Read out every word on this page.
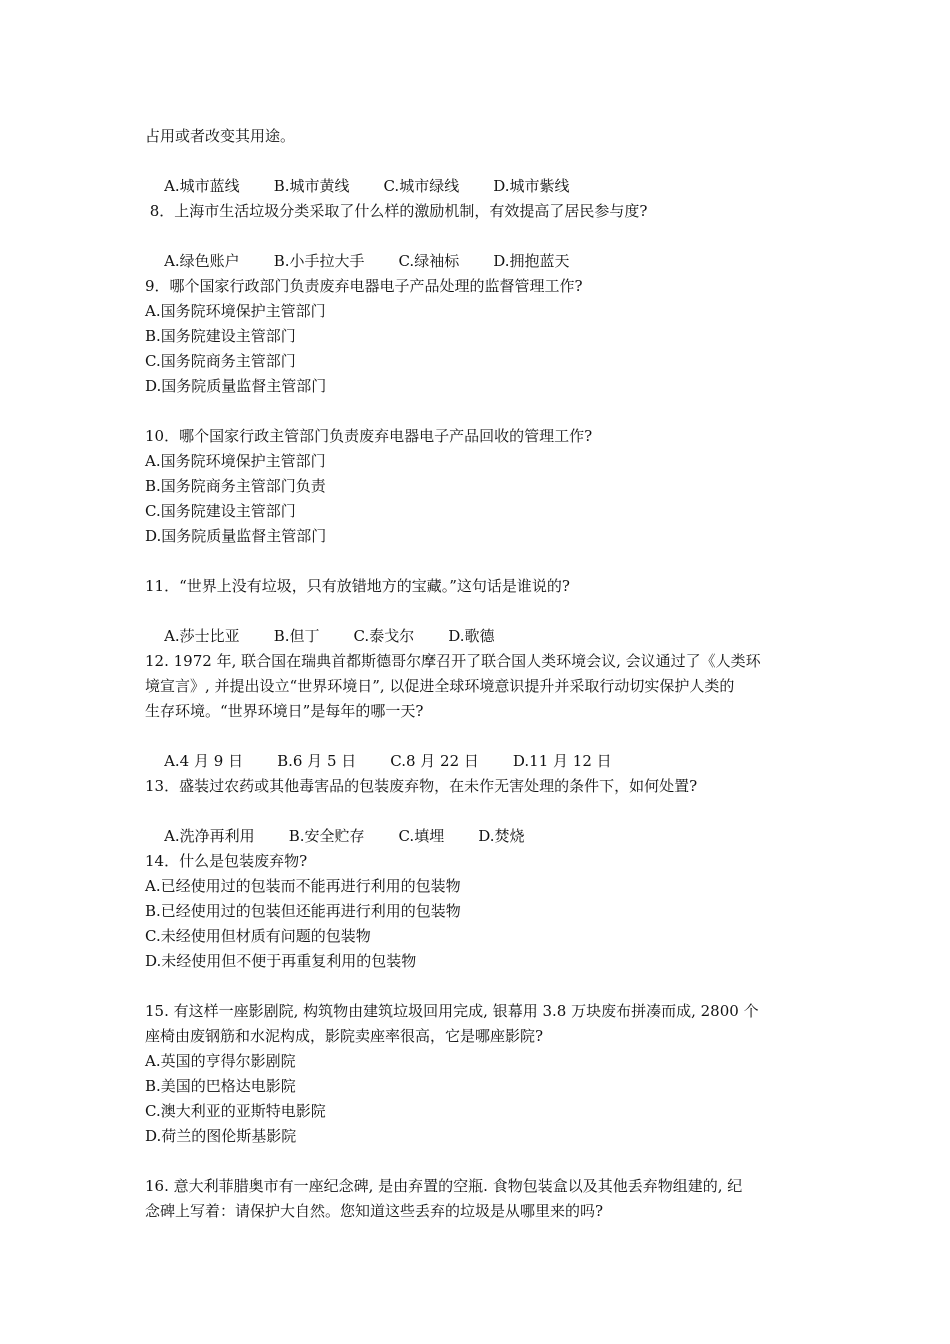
占用或者改变其用途。

A.城市蓝线 B.城市黄线 C.城市绿线 D.城市紫线

8．上海市生活垃圾分类采取了什么样的激励机制，有效提高了居民参与度?

A.绿色账户 B.小手拉大手 C.绿袖标 D.拥抱蓝天

9．哪个国家行政部门负责废弃电器电子产品处理的监督管理工作?
A.国务院环境保护主管部门
B.国务院建设主管部门
C.国务院商务主管部门
D.国务院质量监督主管部门
10．哪个国家行政主管部门负责废弃电器电子产品回收的管理工作?
A.国务院环境保护主管部门
B.国务院商务主管部门负责
C.国务院建设主管部门
D.国务院质量监督主管部门
11．“世界上没有垃圾，只有放错地方的宝藏。”这句话是谁说的?

A.莎士比亚 B.但丁 C.泰戈尔 D.歌德

12. 1972 年, 联合国在瑞典首都斯德哥尔摩召开了联合国人类环境会议, 会议通过了《人类环
境宣言》, 并提出设立“世界环境日”, 以促进全球环境意识提升并采取行动切实保护人类的
生存环境。“世界环境日”是每年的哪一天?

A.4 月 9 日 B.6 月 5 日 C.8 月 22 日 D.11 月 12 日

13．盛装过农药或其他毒害品的包装废弃物，在未作无害处理的条件下，如何处置?

A.洗净再利用 B.安全贮存 C.填埋 D.焚烧

14．什么是包装废弃物?
A.已经使用过的包装而不能再进行利用的包装物
B.已经使用过的包装但还能再进行利用的包装物
C.未经使用但材质有问题的包装物
D.未经使用但不便于再重复利用的包装物
15. 有这样一座影剧院, 构筑物由建筑垃圾回用完成, 银幕用 3.8 万块废布拼凑而成, 2800 个
座椅由废钢筋和水泥构成，影院卖座率很高，它是哪座影院?
A.英国的亨得尔影剧院
B.美国的巴格达电影院
C.澳大利亚的亚斯特电影院
D.荷兰的图伦斯基影院
16. 意大利菲腊奥市有一座纪念碑, 是由弃置的空瓶. 食物包装盒以及其他丢弃物组建的, 纪
念碑上写着：请保护大自然。您知道这些丢弃的垃圾是从哪里来的吗?
